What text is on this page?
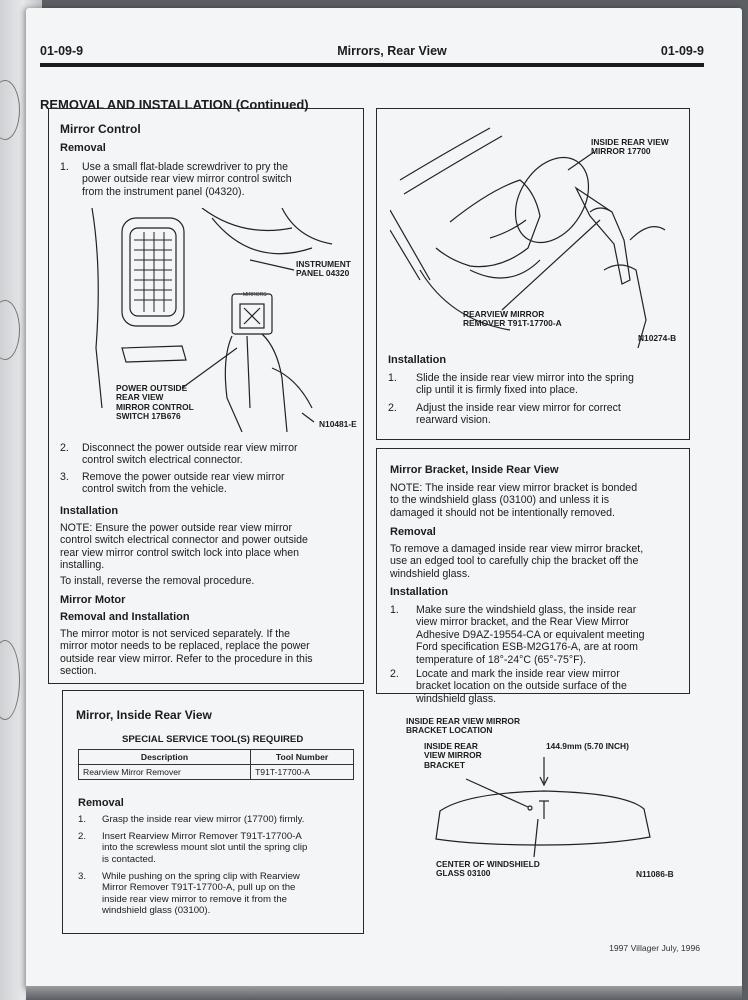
01-09-9	Mirrors, Rear View	01-09-9
REMOVAL AND INSTALLATION (Continued)
Mirror Control
Removal
1. Use a small flat-blade screwdriver to pry the
power outside rear view mirror control switch
from the instrument panel (04320).
MIRRORS
INSTRUMENT
PANEL 04320
POWER OUTSIDE
REAR VIEW
MIRROR CONTROL
SWITCH 17B676
N10481-E
2. Disconnect the power outside rear view mirror
control switch electrical connector.
3. Remove the power outside rear view mirror
control switch from the vehicle.
Installation
NOTE: Ensure the power outside rear view mirror
control switch electrical connector and power outside
rear view mirror control switch lock into place when
installing.
To install, reverse the removal procedure.
Mirror Motor
Removal and Installation
The mirror motor is not serviced separately. If the
mirror motor needs to be replaced, replace the power
outside rear view mirror. Refer to the procedure in this
section.
Mirror, Inside Rear View
SPECIAL SERVICE TOOL(S) REQUIRED
Description	Tool Number
Rearview Mirror Remover	T91T-17700-A
Removal
1. Grasp the inside rear view mirror (17700) firmly.
2. Insert Rearview Mirror Remover T91T-17700-A
into the screwless mount slot until the spring clip
is contacted.
3. While pushing on the spring clip with Rearview
Mirror Remover T91T-17700-A, pull up on the
inside rear view mirror to remove it from the
windshield glass (03100).
INSIDE REAR VIEW
MIRROR 17700
REARVIEW MIRROR
REMOVER T91T-17700-A
N10274-B
Installation
1. Slide the inside rear view mirror into the spring
clip until it is firmly fixed into place.
2. Adjust the inside rear view mirror for correct
rearward vision.
Mirror Bracket, Inside Rear View
NOTE: The inside rear view mirror bracket is bonded
to the windshield glass (03100) and unless it is
damaged it should not be intentionally removed.
Removal
To remove a damaged inside rear view mirror bracket,
use an edged tool to carefully chip the bracket off the
windshield glass.
Installation
1. Make sure the windshield glass, the inside rear
view mirror bracket, and the Rear View Mirror
Adhesive D9AZ-19554-CA or equivalent meeting
Ford specification ESB-M2G176-A, are at room
temperature of 18°-24°C (65°-75°F).
2. Locate and mark the inside rear view mirror
bracket location on the outside surface of the
windshield glass.
INSIDE REAR VIEW MIRROR
BRACKET LOCATION
INSIDE REAR
VIEW MIRROR
BRACKET
144.9mm (5.70 INCH)
CENTER OF WINDSHIELD
GLASS 03100	N11086-B
1997 Villager July, 1996
